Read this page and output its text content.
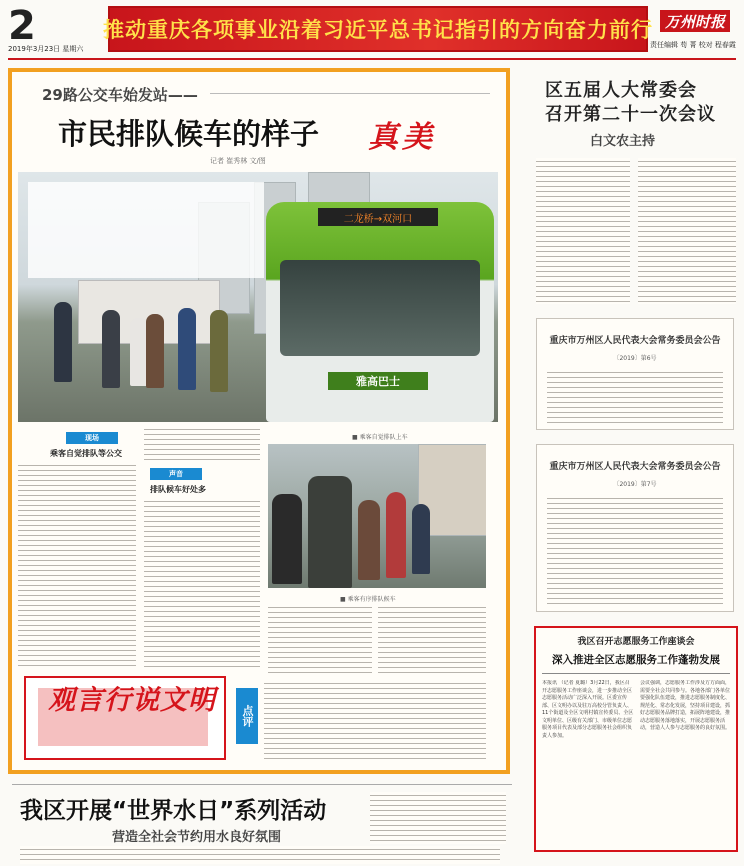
2
2019年3月23日 星期六
推动重庆各项事业沿着习近平总书记指引的方向奋力前行 万州时报
责任编辑 苟 菁 校对 程春霞
29路公交车始发站——
市民排队候车的样子 真美
记者 崔秀林 文/图
二龙桥→双河口
雅高巴士
现场
乘客自觉排队等公交
声音
排队候车好处多
■ 乘客自觉排队上车
■ 乘客有序排队候车
观言行说文明	点评
我区开展“世界水日”系列活动
营造全社会节约用水良好氛围
区五届人大常委会
召开第二十一次会议
白文农主持
重庆市万州区人民代表大会常务委员会公告
〔2019〕第6号
重庆市万州区人民代表大会常务委员会公告
〔2019〕第7号
我区召开志愿服务工作座谈会
深入推进全区志愿服务工作蓬勃发展
本报讯 （记者 夏璐）3月22日，我区召开志愿服务工作座谈会，进一步推动全区志愿服务活动广泛深入开展。区委宣传部、区文明办以及驻万高校分管负责人、11个街道及全区文明村镇宣传委员、全区文明单位、区级有关部门、市级单位志愿服务项目代表及部分志愿服务社会组织负责人参加。
会议强调，志愿服务工作涉及方方面面，需要全社会共同参与。各地各部门各单位要强化队伍建设，推进志愿服务制度化、规范化、常态化发展，坚持项目建设，抓好志愿服务品牌打造，拓展阵地建设，推动志愿服务落地落实，开展志愿服务活动，营造人人参与志愿服务的良好氛围。
